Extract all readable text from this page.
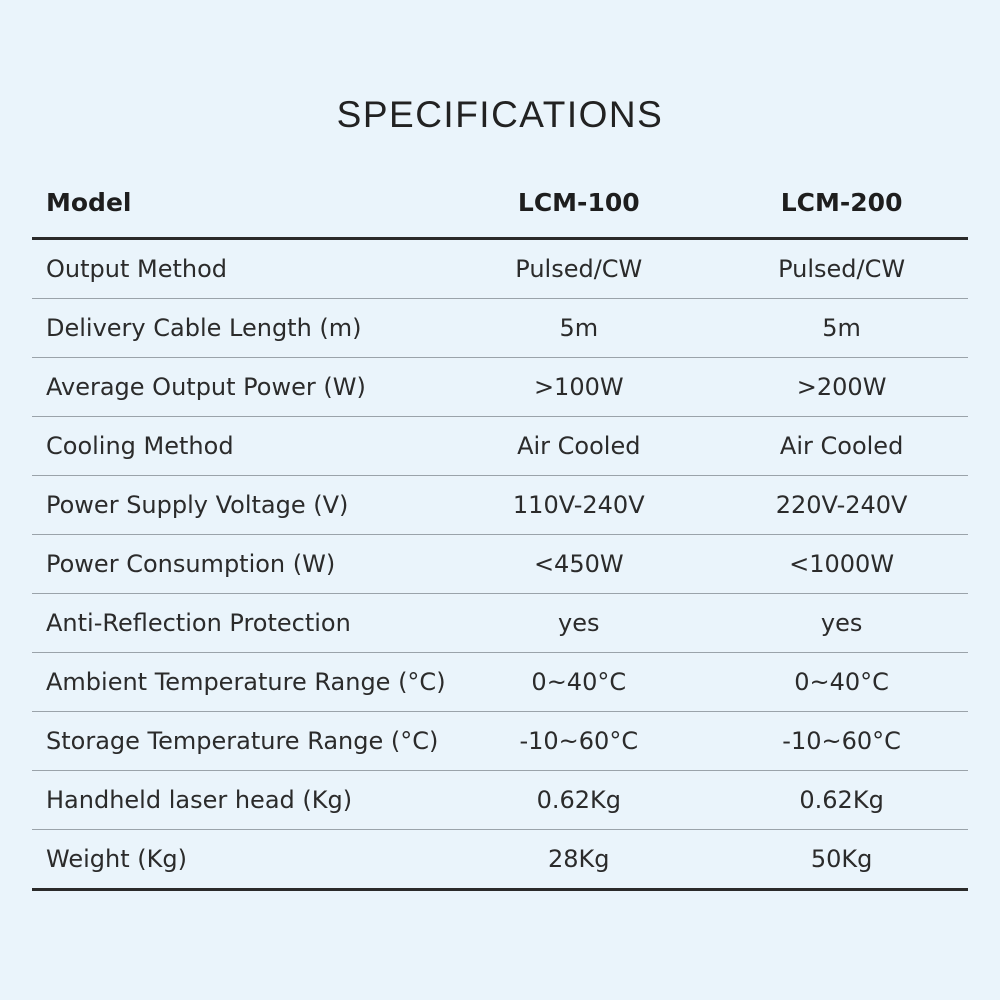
SPECIFICATIONS
Model	LCM-100	LCM-200
Output Method	Pulsed/CW	Pulsed/CW
Delivery Cable Length (m)	5m	5m
Average Output Power (W)	>100W	>200W
Cooling Method	Air Cooled	Air Cooled
Power Supply Voltage (V)	110V-240V	220V-240V
Power Consumption (W)	<450W	<1000W
Anti-Reflection Protection	yes	yes
Ambient Temperature Range (°C)	0~40°C	0~40°C
Storage Temperature Range (°C)	-10~60°C	-10~60°C
Handheld laser head (Kg)	0.62Kg	0.62Kg
Weight (Kg)	28Kg	50Kg
